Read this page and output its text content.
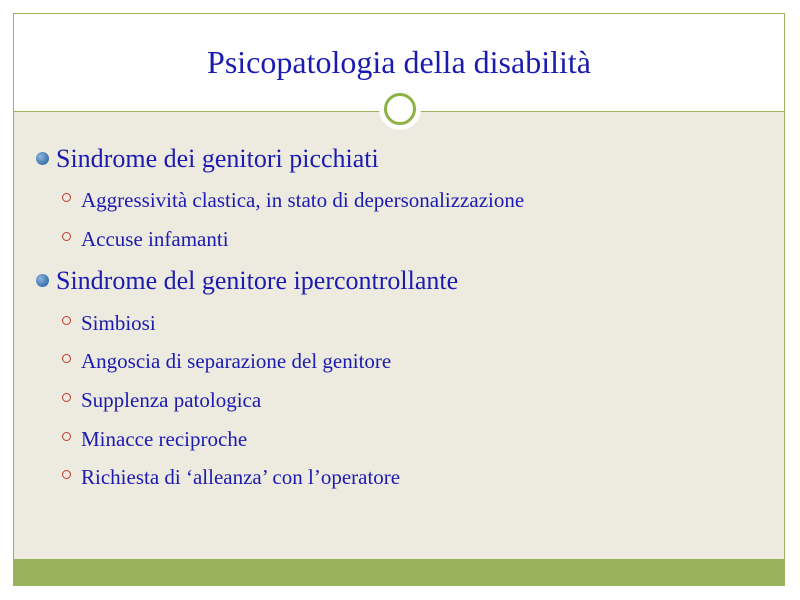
Psicopatologia della disabilità
Sindrome dei genitori picchiati
Aggressività clastica, in stato di depersonalizzazione
Accuse infamanti
Sindrome del genitore ipercontrollante
Simbiosi
Angoscia di separazione del genitore
Supplenza patologica
Minacce reciproche
Richiesta di ‘alleanza’ con l’operatore
